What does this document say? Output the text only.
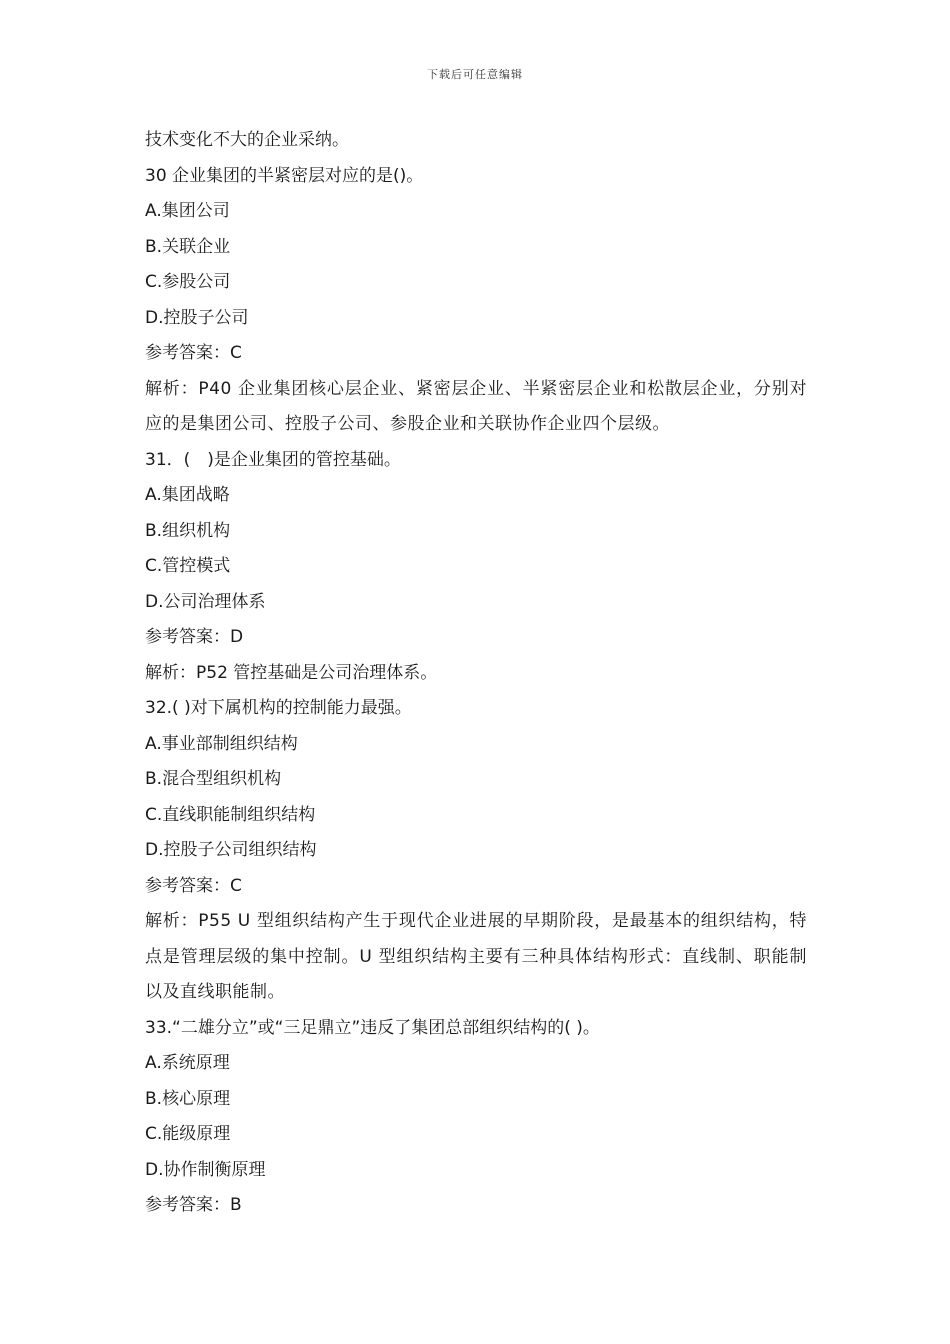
下载后可任意编辑
技术变化不大的企业采纳。
30 企业集团的半紧密层对应的是()。
A.集团公司
B.关联企业
C.参股公司
D.控股子公司
参考答案：C
解析：P40 企业集团核心层企业、紧密层企业、半紧密层企业和松散层企业，分别对应的是集团公司、控股子公司、参股企业和关联协作企业四个层级。
31．(　)是企业集团的管控基础。
A.集团战略
B.组织机构
C.管控模式
D.公司治理体系
参考答案：D
解析：P52 管控基础是公司治理体系。
32.( )对下属机构的控制能力最强。
A.事业部制组织结构
B.混合型组织机构
C.直线职能制组织结构
D.控股子公司组织结构
参考答案：C
解析：P55 U 型组织结构产生于现代企业进展的早期阶段，是最基本的组织结构，特点是管理层级的集中控制。U 型组织结构主要有三种具体结构形式：直线制、职能制以及直线职能制。
33.“二雄分立”或“三足鼎立”违反了集团总部组织结构的( )。
A.系统原理
B.核心原理
C.能级原理
D.协作制衡原理
参考答案：B
